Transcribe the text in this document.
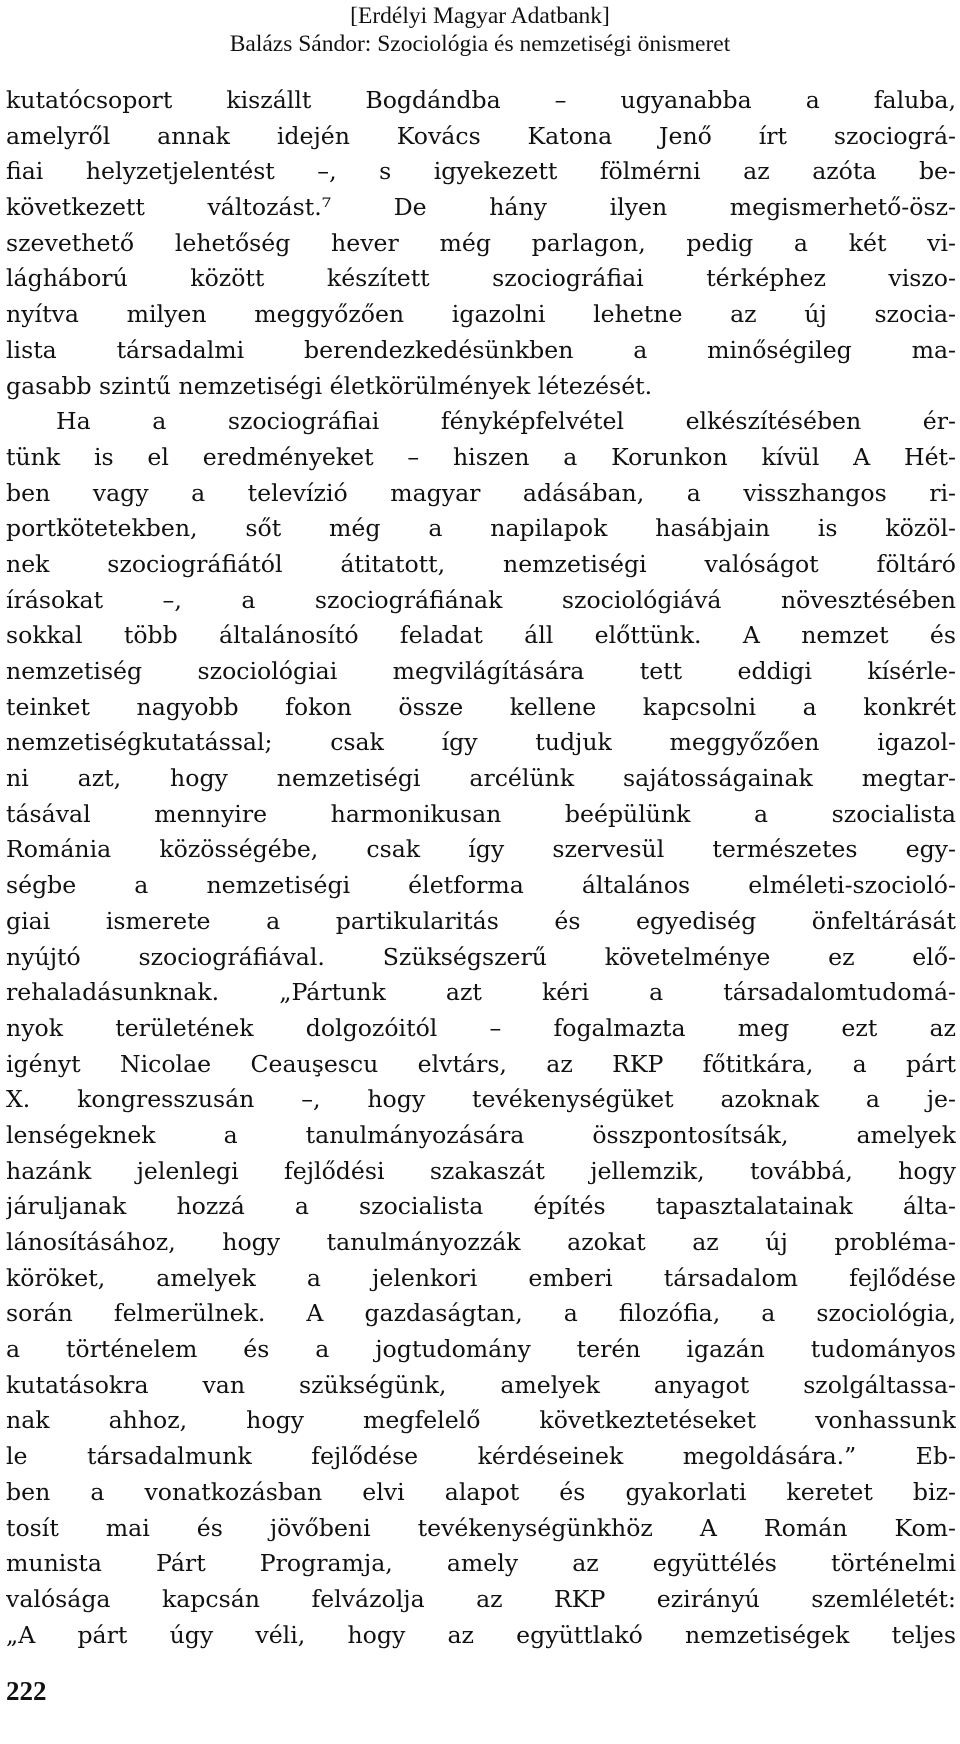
[Erdélyi Magyar Adatbank]
Balázs Sándor: Szociológia és nemzetiségi önismeret
kutatócsoport kiszállt Bogdándba – ugyanabba a faluba,
amelyről annak idején Kovács Katona Jenő írt szociográ-
fiai helyzetjelentést –, s igyekezett fölmérni az azóta be-
következett változást.⁷ De hány ilyen megismerhető-ösz-
szevethető lehetőség hever még parlagon, pedig a két vi-
lágháború között készített szociográfiai térképhez viszo-
nyítva milyen meggyőzően igazolni lehetne az új szocia-
lista társadalmi berendezkedésünkben a minőségileg ma-
gasabb szintű nemzetiségi életkörülmények létezését.
Ha a szociográfiai fényképfelvétel elkészítésében ér-
tünk is el eredményeket – hiszen a Korunkon kívül A Hét-
ben vagy a televízió magyar adásában, a visszhangos ri-
portkötetekben, sőt még a napilapok hasábjain is közöl-
nek szociográfiától átitatott, nemzetiségi valóságot föltáró
írásokat –, a szociográfiának szociológiává növesztésében
sokkal több általánosító feladat áll előttünk. A nemzet és
nemzetiség szociológiai megvilágítására tett eddigi kísérle-
teinket nagyobb fokon össze kellene kapcsolni a konkrét
nemzetiségkutatással; csak így tudjuk meggyőzően igazol-
ni azt, hogy nemzetiségi arcélünk sajátosságainak megtar-
tásával mennyire harmonikusan beépülünk a szocialista
Románia közösségébe, csak így szervesül természetes egy-
ségbe a nemzetiségi életforma általános elméleti-szocioló-
giai ismerete a partikularitás és egyediség önfeltárását
nyújtó szociográfiával. Szükségszerű követelménye ez elő-
rehaladásunknak. „Pártunk azt kéri a társadalomtudomá-
nyok területének dolgozóitól – fogalmazta meg ezt az
igényt Nicolae Ceauşescu elvtárs, az RKP főtitkára, a párt
X. kongresszusán –, hogy tevékenységüket azoknak a je-
lenségeknek a tanulmányozására összpontosítsák, amelyek
hazánk jelenlegi fejlődési szakaszát jellemzik, továbbá, hogy
járuljanak hozzá a szocialista építés tapasztalatainak álta-
lánosításához, hogy tanulmányozzák azokat az új probléma-
köröket, amelyek a jelenkori emberi társadalom fejlődése
során felmerülnek. A gazdaságtan, a filozófia, a szociológia,
a történelem és a jogtudomány terén igazán tudományos
kutatásokra van szükségünk, amelyek anyagot szolgáltassa-
nak ahhoz, hogy megfelelő következtetéseket vonhassunk
le társadalmunk fejlődése kérdéseinek megoldására.” Eb-
ben a vonatkozásban elvi alapot és gyakorlati keretet biz-
tosít mai és jövőbeni tevékenységünkhöz A Román Kom-
munista Párt Programja, amely az együttélés történelmi
valósága kapcsán felvázolja az RKP ezirányú szemléletét:
„A párt úgy véli, hogy az együttlakó nemzetiségek teljes
222
